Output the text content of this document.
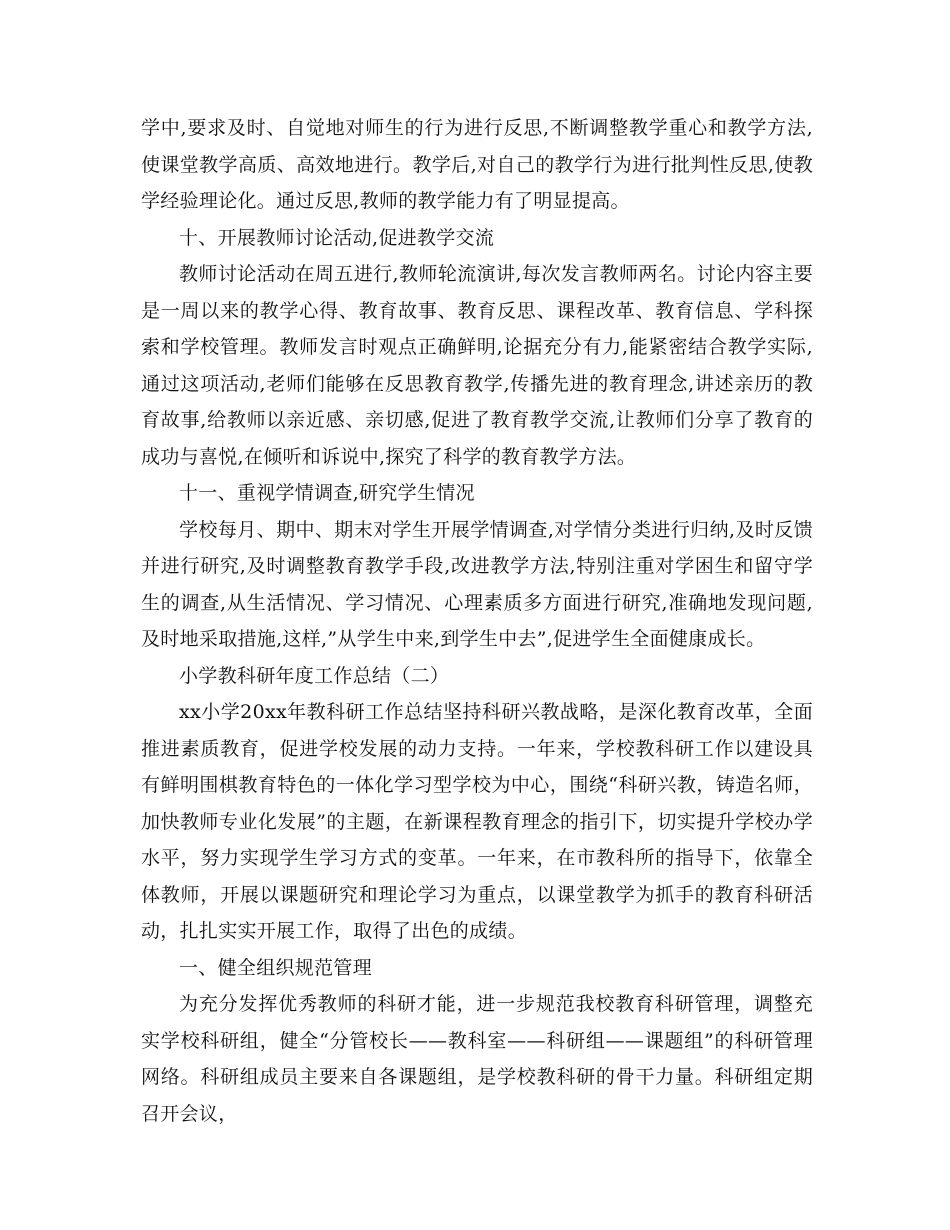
学中,要求及时、自觉地对师生的行为进行反思,不断调整教学重心和教学方法,使课堂教学高质、高效地进行。教学后,对自己的教学行为进行批判性反思,使教学经验理论化。通过反思,教师的教学能力有了明显提高。

十、开展教师讨论活动,促进教学交流

教师讨论活动在周五进行,教师轮流演讲,每次发言教师两名。讨论内容主要是一周以来的教学心得、教育故事、教育反思、课程改革、教育信息、学科探索和学校管理。教师发言时观点正确鲜明,论据充分有力,能紧密结合教学实际,通过这项活动,老师们能够在反思教育教学,传播先进的教育理念,讲述亲历的教育故事,给教师以亲近感、亲切感,促进了教育教学交流,让教师们分享了教育的成功与喜悦,在倾听和诉说中,探究了科学的教育教学方法。

十一、重视学情调查,研究学生情况

学校每月、期中、期末对学生开展学情调查,对学情分类进行归纳,及时反馈并进行研究,及时调整教育教学手段,改进教学方法,特别注重对学困生和留守学生的调查,从生活情况、学习情况、心理素质多方面进行研究,准确地发现问题,及时地采取措施,这样,”从学生中来,到学生中去”,促进学生全面健康成长。

小学教科研年度工作总结（二）

xx小学20xx年教科研工作总结坚持科研兴教战略，是深化教育改革，全面推进素质教育，促进学校发展的动力支持。一年来，学校教科研工作以建设具有鲜明围棋教育特色的一体化学习型学校为中心，围绕“科研兴教，铸造名师，加快教师专业化发展”的主题，在新课程教育理念的指引下，切实提升学校办学水平，努力实现学生学习方式的变革。一年来，在市教科所的指导下，依靠全体教师，开展以课题研究和理论学习为重点，以课堂教学为抓手的教育科研活动，扎扎实实开展工作，取得了出色的成绩。

一、健全组织规范管理

为充分发挥优秀教师的科研才能，进一步规范我校教育科研管理，调整充实学校科研组，健全“分管校长——教科室——科研组——课题组”的科研管理网络。科研组成员主要来自各课题组，是学校教科研的骨干力量。科研组定期召开会议，
